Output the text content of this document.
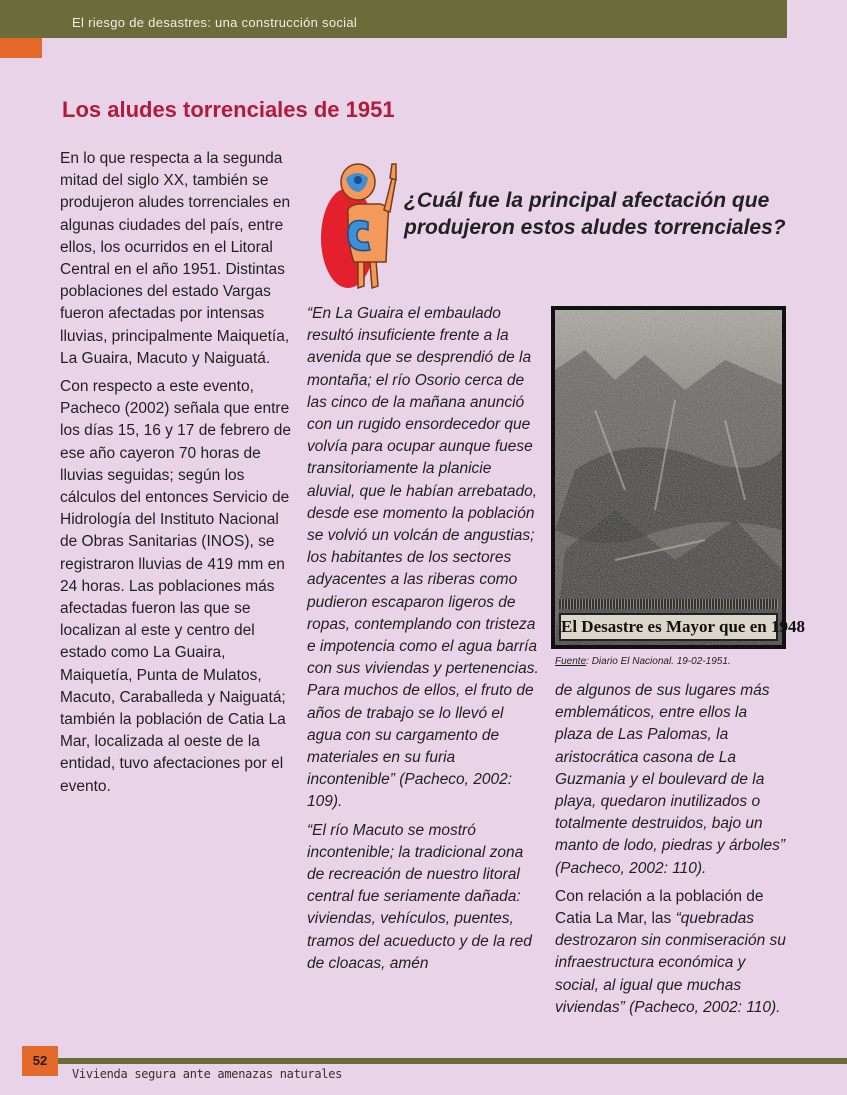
El riesgo de desastres: una construcción social
Los aludes torrenciales de 1951

En lo que respecta a la segunda mitad del siglo XX, también se produjeron aludes torrenciales en algunas ciudades del país, entre ellos, los ocurridos en el Litoral Central en el año 1951. Distintas poblaciones del estado Vargas fueron afectadas por intensas lluvias, principalmente Maiquetía, La Guaira, Macuto y Naiguatá.

Con respecto a este evento, Pacheco (2002) señala que entre los días 15, 16 y 17 de febrero de ese año cayeron 70 horas de lluvias seguidas; según los cálculos del entonces Servicio de Hidrología del Instituto Nacional de Obras Sanitarias (INOS), se registraron lluvias de 419 mm en 24 horas. Las poblaciones más afectadas fueron las que se localizan al este y centro del estado como La Guaira, Maiquetía, Punta de Mulatos, Macuto, Caraballeda y Naiguatá; también la población de Catia La Mar, localizada al oeste de la entidad, tuvo afectaciones por el evento.

¿Cuál fue la principal afectación que produjeron estos aludes torrenciales?

“En La Guaira el embaulado resultó insuficiente frente a la avenida que se desprendió de la montaña; el río Osorio cerca de las cinco de la mañana anunció con un rugido ensordecedor que volvía para ocupar aunque fuese transitoriamente la planicie aluvial, que le habían arrebatado, desde ese momento la población se volvió un volcán de angustias; los habitantes de los sectores adyacentes a las riberas como pudieron escaparon ligeros de ropas, contemplando con tristeza e impotencia como el agua barría con sus viviendas y pertenencias. Para muchos de ellos, el fruto de años de trabajo se lo llevó el agua con su cargamento de materiales en su furia incontenible” (Pacheco, 2002: 109).

“El río Macuto se mostró incontenible; la tradicional zona de recreación de nuestro litoral central fue seriamente dañada: viviendas, vehículos, puentes, tramos del acueducto y de la red de cloacas, amén

El Desastre es Mayor que en 1948
Fuente: Diario El Nacional. 19-02-1951.

de algunos de sus lugares más emblemáticos, entre ellos la plaza de Las Palomas, la aristocrática casona de La Guzmania y el boulevard de la playa, quedaron inutilizados o totalmente destruidos, bajo un manto de lodo, piedras y árboles” (Pacheco, 2002: 110).

Con relación a la población de Catia La Mar, las “quebradas destrozaron sin conmiseración su infraestructura económica y social, al igual que muchas viviendas” (Pacheco, 2002: 110).

52
Vivienda segura ante amenazas naturales
